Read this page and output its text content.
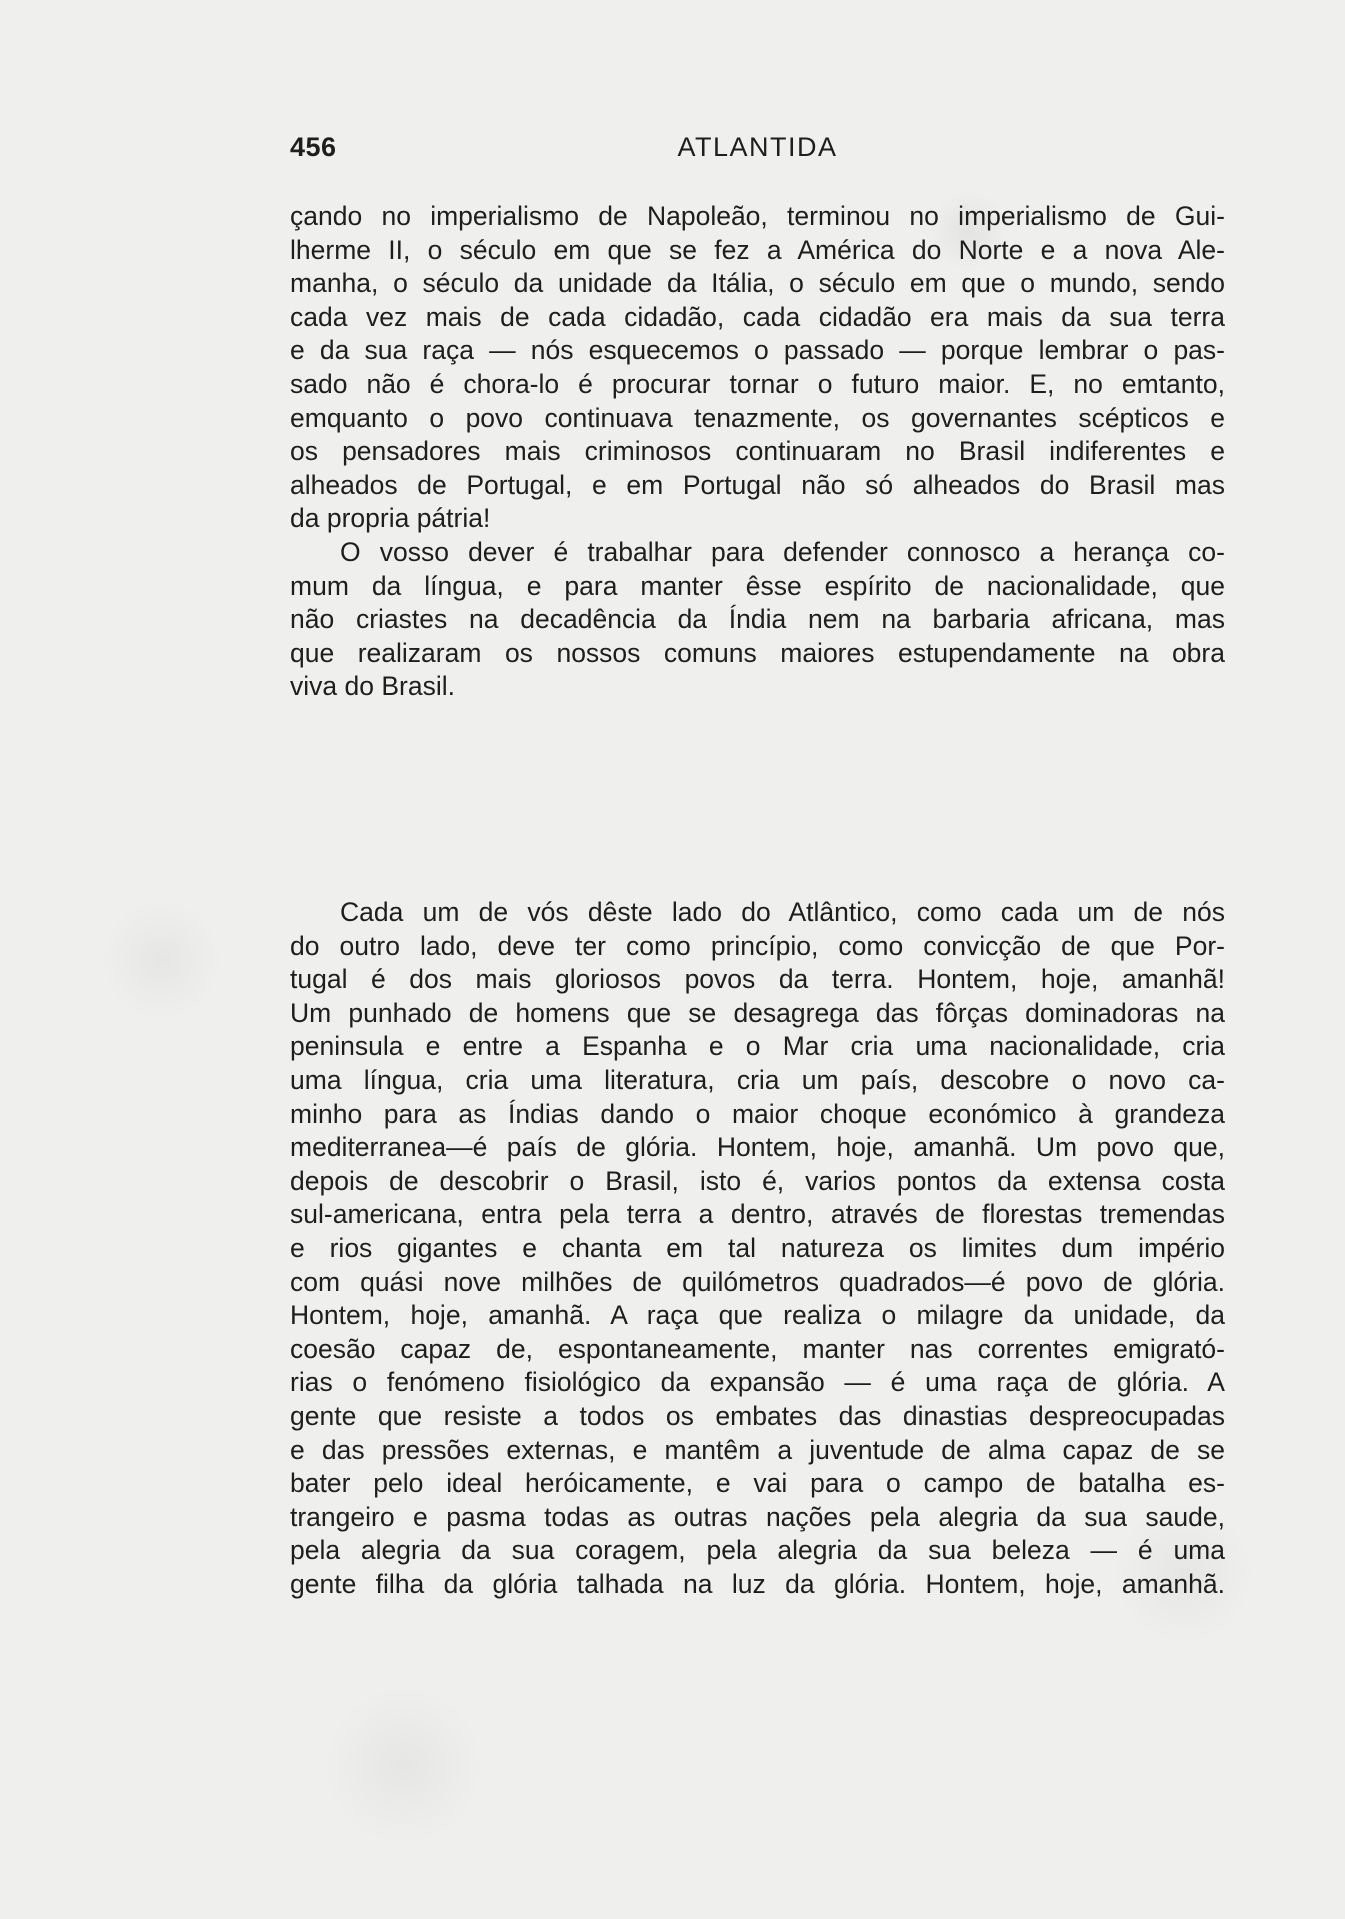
456	ATLANTIDA
çando no imperialismo de Napoleão, terminou no imperialismo de Gui-
lherme II, o século em que se fez a América do Norte e a nova Ale-
manha, o século da unidade da Itália, o século em que o mundo, sendo
cada vez mais de cada cidadão, cada cidadão era mais da sua terra
e da sua raça — nós esquecemos o passado — porque lembrar o pas-
sado não é chora-lo é procurar tornar o futuro maior. E, no emtanto,
emquanto o povo continuava tenazmente, os governantes scépticos e
os pensadores mais criminosos continuaram no Brasil indiferentes e
alheados de Portugal, e em Portugal não só alheados do Brasil mas
da propria pátria!
O vosso dever é trabalhar para defender connosco a herança co-
mum da língua, e para manter êsse espírito de nacionalidade, que
não criastes na decadência da Índia nem na barbaria africana, mas
que realizaram os nossos comuns maiores estupendamente na obra
viva do Brasil.
Cada um de vós dêste lado do Atlântico, como cada um de nós
do outro lado, deve ter como princípio, como convicção de que Por-
tugal é dos mais gloriosos povos da terra. Hontem, hoje, amanhã!
Um punhado de homens que se desagrega das fôrças dominadoras na
peninsula e entre a Espanha e o Mar cria uma nacionalidade, cria
uma língua, cria uma literatura, cria um país, descobre o novo ca-
minho para as Índias dando o maior choque económico à grandeza
mediterranea—é país de glória. Hontem, hoje, amanhã. Um povo que,
depois de descobrir o Brasil, isto é, varios pontos da extensa costa
sul-americana, entra pela terra a dentro, através de florestas tremendas
e rios gigantes e chanta em tal natureza os limites dum império
com quási nove milhões de quilómetros quadrados—é povo de glória.
Hontem, hoje, amanhã. A raça que realiza o milagre da unidade, da
coesão capaz de, espontaneamente, manter nas correntes emigrató-
rias o fenómeno fisiológico da expansão — é uma raça de glória. A
gente que resiste a todos os embates das dinastias despreocupadas
e das pressões externas, e mantêm a juventude de alma capaz de se
bater pelo ideal heróicamente, e vai para o campo de batalha es-
trangeiro e pasma todas as outras nações pela alegria da sua saude,
pela alegria da sua coragem, pela alegria da sua beleza — é uma
gente filha da glória talhada na luz da glória. Hontem, hoje, amanhã.
